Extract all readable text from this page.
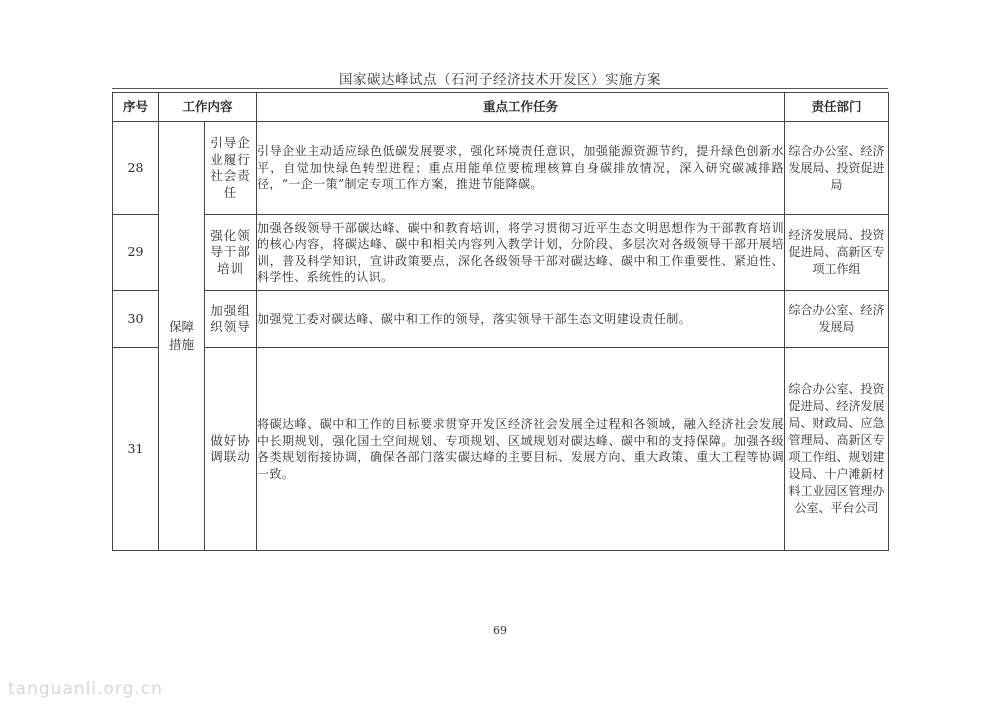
国家碳达峰试点（石河子经济技术开发区）实施方案
序号	工作内容		重点工作任务	责任部门
28	保障措施	引导企业履行社会责任	引导企业主动适应绿色低碳发展要求，强化环境责任意识，加强能源资源节约，提升绿色创新水平，自觉加快绿色转型进程；重点用能单位要梳理核算自身碳排放情况，深入研究碳减排路径，“一企一策”制定专项工作方案，推进节能降碳。	综合办公室、经济发展局、投资促进局
29		强化领导干部培训	加强各级领导干部碳达峰、碳中和教育培训，将学习贯彻习近平生态文明思想作为干部教育培训的核心内容，将碳达峰、碳中和相关内容列入教学计划，分阶段、多层次对各级领导干部开展培训，普及科学知识，宣讲政策要点，深化各级领导干部对碳达峰、碳中和工作重要性、紧迫性、科学性、系统性的认识。	经济发展局、投资促进局、高新区专项工作组
30		加强组织领导	加强党工委对碳达峰、碳中和工作的领导，落实领导干部生态文明建设责任制。	综合办公室、经济发展局
31		做好协调联动	将碳达峰、碳中和工作的目标要求贯穿开发区经济社会发展全过程和各领域，融入经济社会发展中长期规划，强化国土空间规划、专项规划、区域规划对碳达峰、碳中和的支持保障。加强各级各类规划衔接协调，确保各部门落实碳达峰的主要目标、发展方向、重大政策、重大工程等协调一致。	综合办公室、投资促进局、经济发展局、财政局、应急管理局、高新区专项工作组、规划建设局、十户滩新材料工业园区管理办公室、平台公司
69
tanguanli.org.cn
